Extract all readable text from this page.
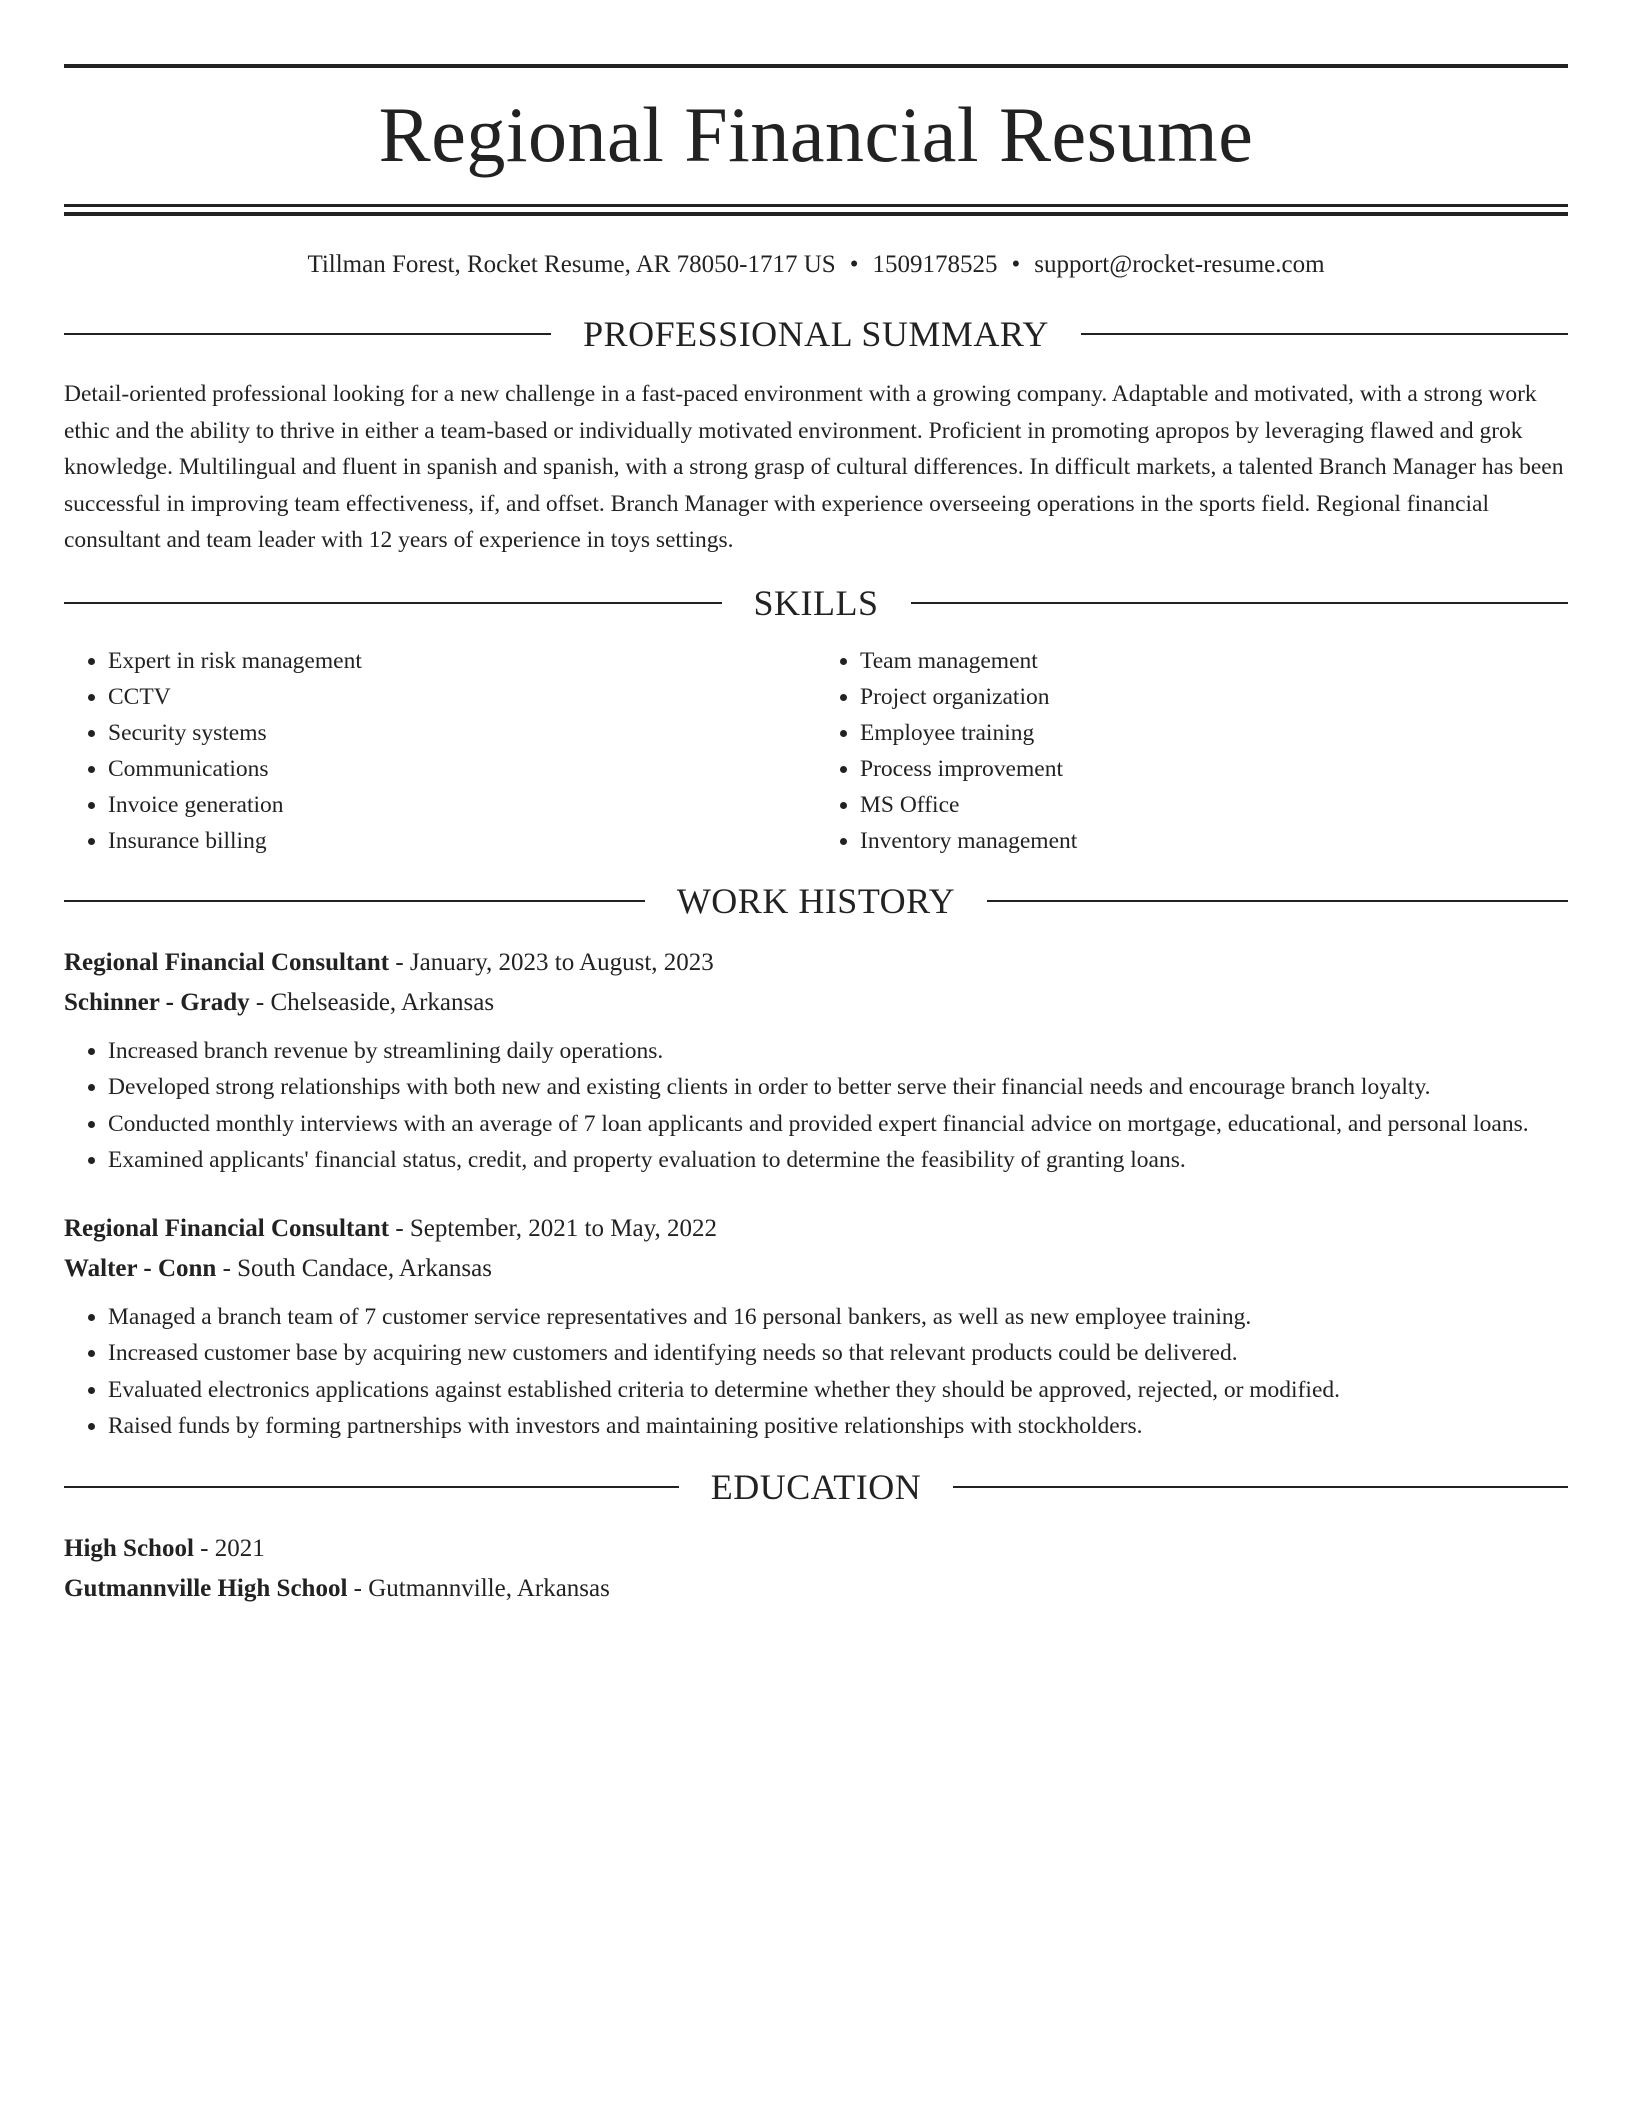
Regional Financial Resume
Tillman Forest, Rocket Resume, AR 78050-1717 US • 1509178525 • support@rocket-resume.com
PROFESSIONAL SUMMARY
Detail-oriented professional looking for a new challenge in a fast-paced environment with a growing company. Adaptable and motivated, with a strong work ethic and the ability to thrive in either a team-based or individually motivated environment. Proficient in promoting apropos by leveraging flawed and grok knowledge. Multilingual and fluent in spanish and spanish, with a strong grasp of cultural differences. In difficult markets, a talented Branch Manager has been successful in improving team effectiveness, if, and offset. Branch Manager with experience overseeing operations in the sports field. Regional financial consultant and team leader with 12 years of experience in toys settings.
SKILLS
• Expert in risk management
• CCTV
• Security systems
• Communications
• Invoice generation
• Insurance billing
• Team management
• Project organization
• Employee training
• Process improvement
• MS Office
• Inventory management
WORK HISTORY
Regional Financial Consultant - January, 2023 to August, 2023
Schinner - Grady - Chelseaside, Arkansas
• Increased branch revenue by streamlining daily operations.
• Developed strong relationships with both new and existing clients in order to better serve their financial needs and encourage branch loyalty.
• Conducted monthly interviews with an average of 7 loan applicants and provided expert financial advice on mortgage, educational, and personal loans.
• Examined applicants' financial status, credit, and property evaluation to determine the feasibility of granting loans.
Regional Financial Consultant - September, 2021 to May, 2022
Walter - Conn - South Candace, Arkansas
• Managed a branch team of 7 customer service representatives and 16 personal bankers, as well as new employee training.
• Increased customer base by acquiring new customers and identifying needs so that relevant products could be delivered.
• Evaluated electronics applications against established criteria to determine whether they should be approved, rejected, or modified.
• Raised funds by forming partnerships with investors and maintaining positive relationships with stockholders.
EDUCATION
High School - 2021
Gutmannville High School - Gutmannville, Arkansas
